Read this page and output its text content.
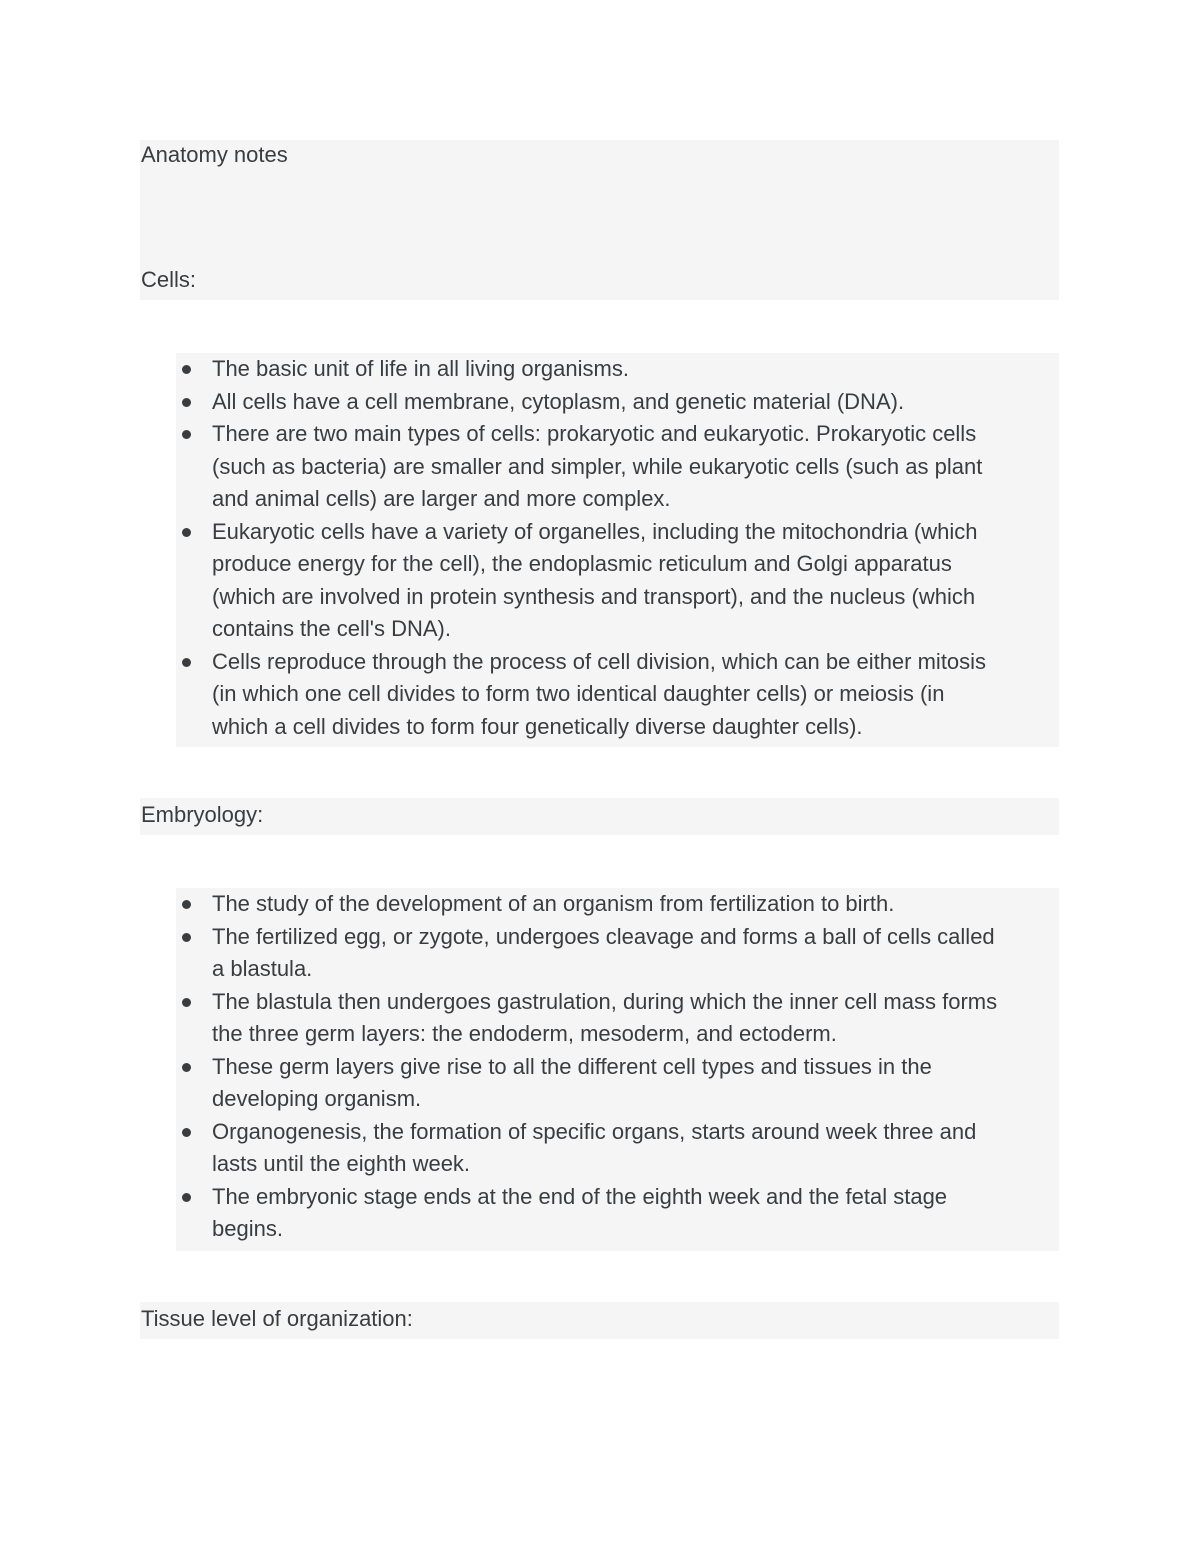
Anatomy notes
Cells:
The basic unit of life in all living organisms.
All cells have a cell membrane, cytoplasm, and genetic material (DNA).
There are two main types of cells: prokaryotic and eukaryotic. Prokaryotic cells
(such as bacteria) are smaller and simpler, while eukaryotic cells (such as plant
and animal cells) are larger and more complex.
Eukaryotic cells have a variety of organelles, including the mitochondria (which
produce energy for the cell), the endoplasmic reticulum and Golgi apparatus
(which are involved in protein synthesis and transport), and the nucleus (which
contains the cell's DNA).
Cells reproduce through the process of cell division, which can be either mitosis
(in which one cell divides to form two identical daughter cells) or meiosis (in
which a cell divides to form four genetically diverse daughter cells).
Embryology:
The study of the development of an organism from fertilization to birth.
The fertilized egg, or zygote, undergoes cleavage and forms a ball of cells called
a blastula.
The blastula then undergoes gastrulation, during which the inner cell mass forms
the three germ layers: the endoderm, mesoderm, and ectoderm.
These germ layers give rise to all the different cell types and tissues in the
developing organism.
Organogenesis, the formation of specific organs, starts around week three and
lasts until the eighth week.
The embryonic stage ends at the end of the eighth week and the fetal stage
begins.
Tissue level of organization:
